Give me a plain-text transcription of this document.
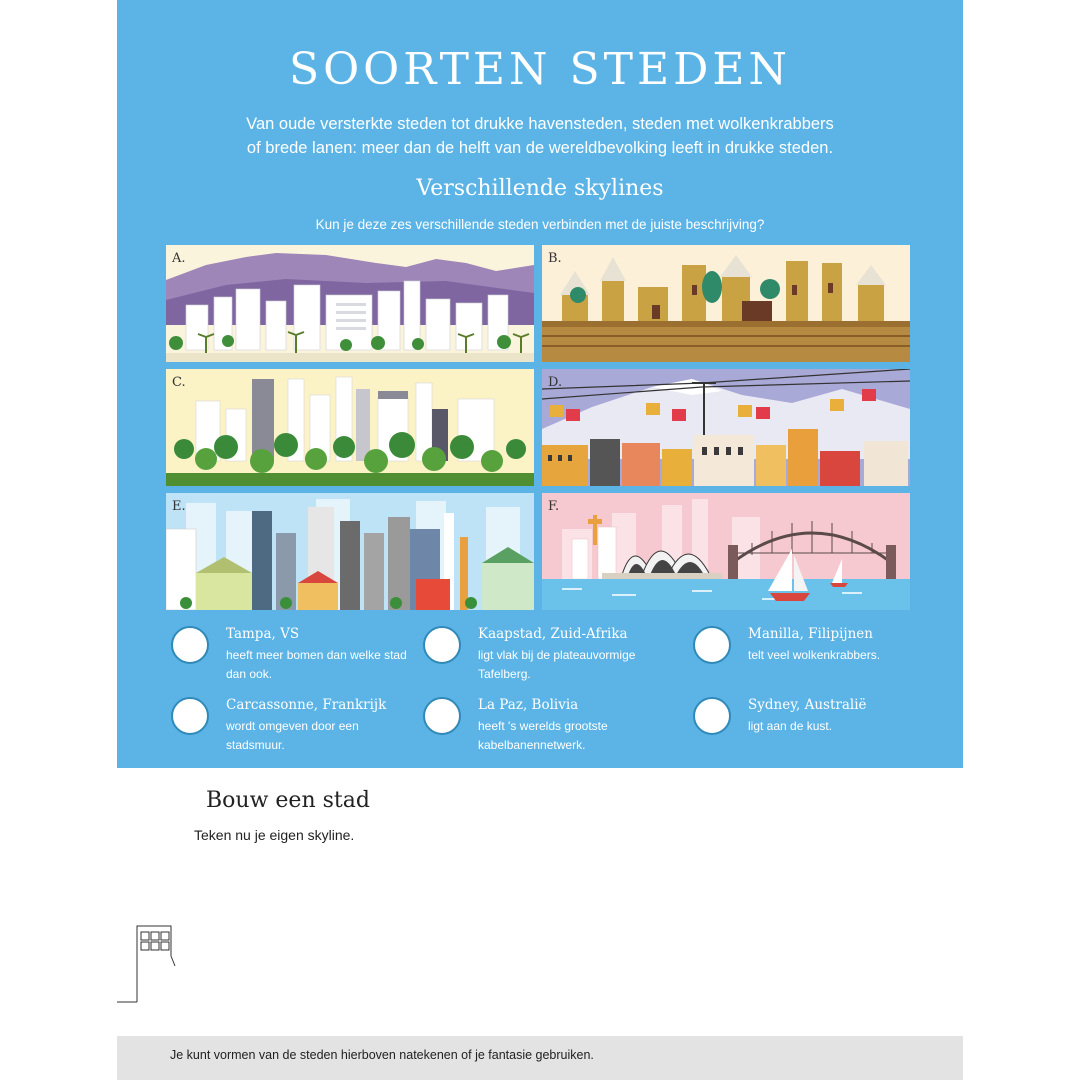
SOORTEN STEDEN
Van oude versterkte steden tot drukke havensteden, steden met wolkenkrabbers
of brede lanen: meer dan de helft van de wereldbevolking leeft in drukke steden.
Verschillende skylines
Kun je deze zes verschillende steden verbinden met de juiste beschrijving?
A.	B.
C.	D.
E.	F.
Tampa, VS
heeft meer bomen dan welke stad dan ook.
Kaapstad, Zuid-Afrika
ligt vlak bij de plateauvormige Tafelberg.
Manilla, Filipijnen
telt veel wolkenkrabbers.
Carcassonne, Frankrijk
wordt omgeven door een stadsmuur.
La Paz, Bolivia
heeft 's werelds grootste kabelbanennetwerk.
Sydney, Australië
ligt aan de kust.
Bouw een stad
Teken nu je eigen skyline.
Je kunt vormen van de steden hierboven natekenen of je fantasie gebruiken.
